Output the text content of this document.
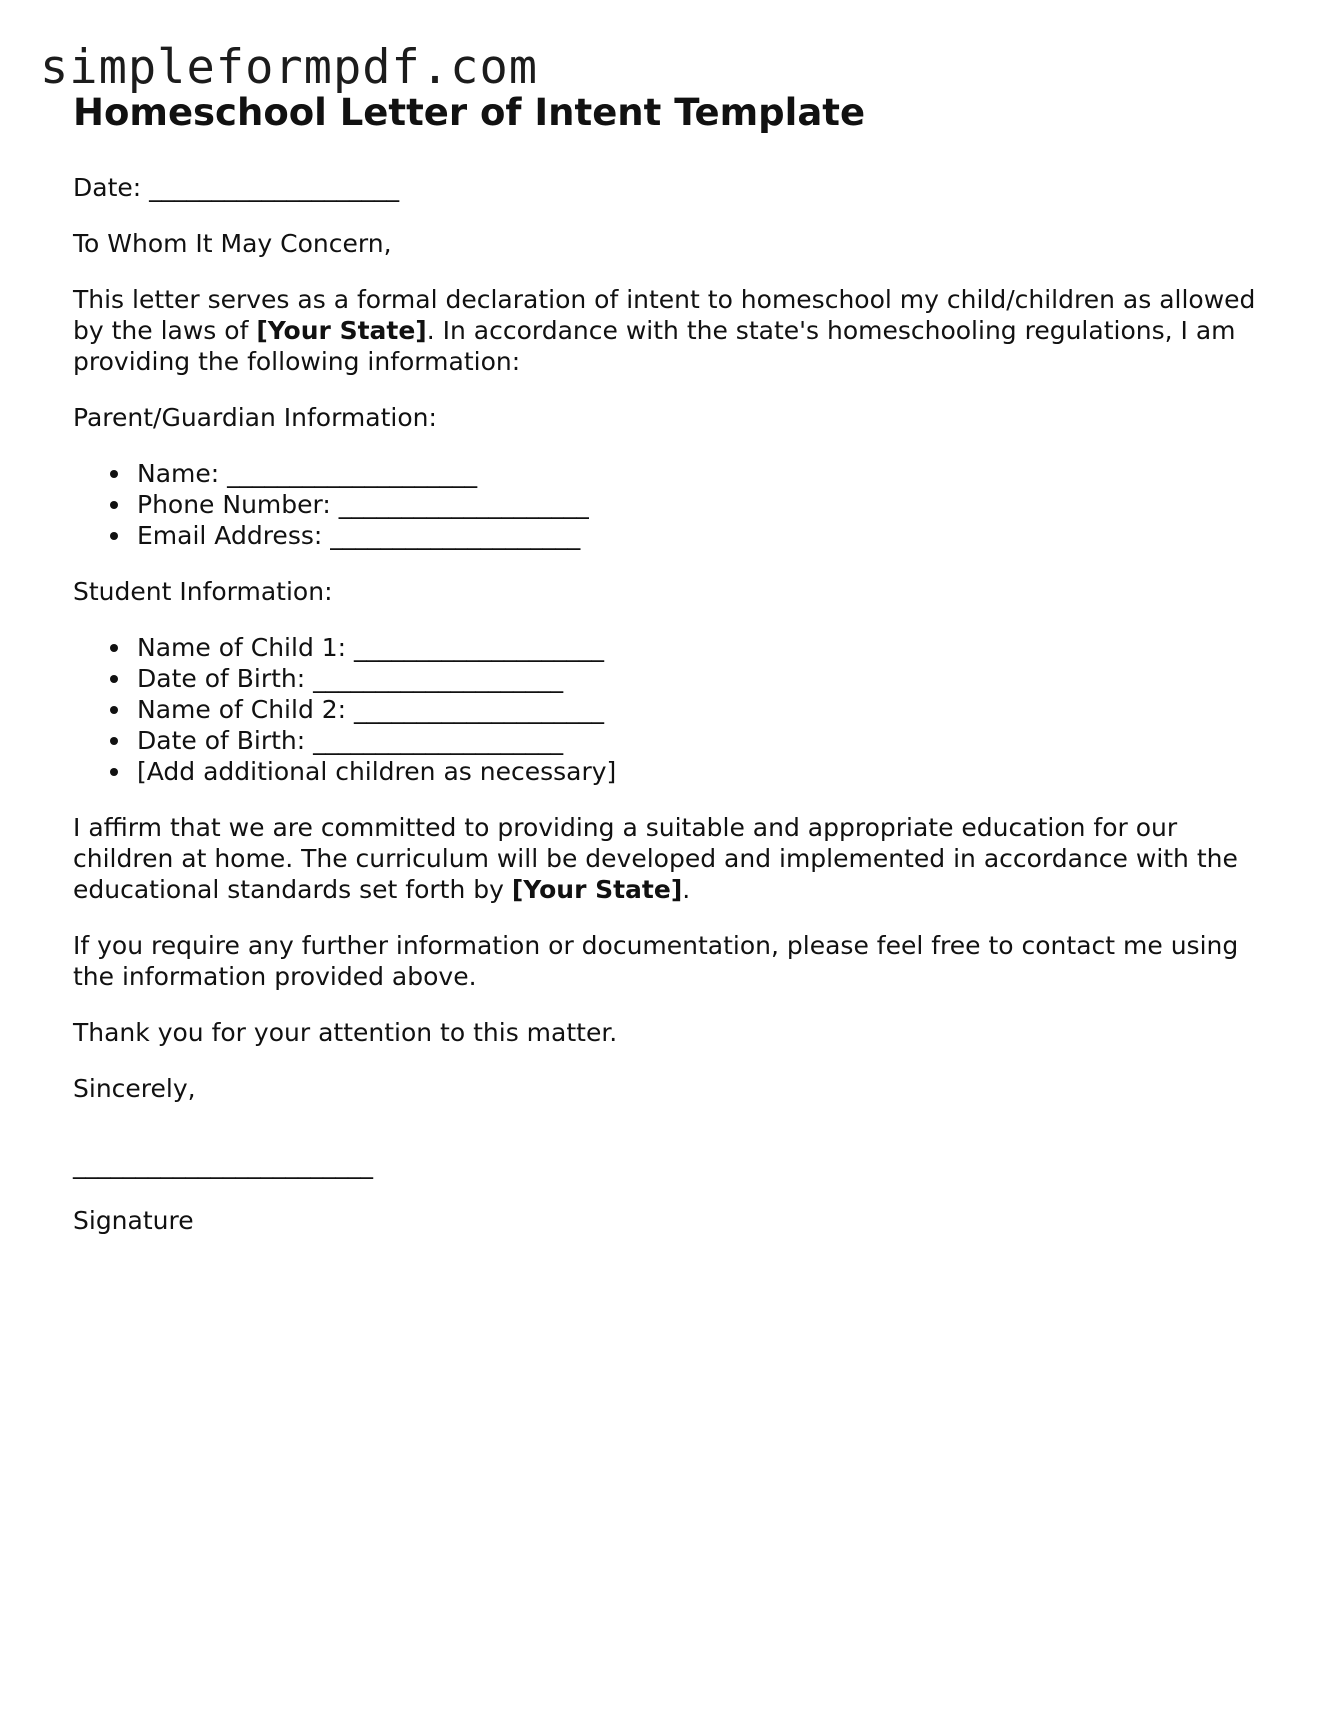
simpleformpdf.com
Homeschool Letter of Intent Template
Date: ____________________
To Whom It May Concern,
This letter serves as a formal declaration of intent to homeschool my child/children as allowed by the laws of [Your State]. In accordance with the state's homeschooling regulations, I am providing the following information:
Parent/Guardian Information:
Name: ____________________
Phone Number: ____________________
Email Address: ____________________
Student Information:
Name of Child 1: ____________________
Date of Birth: ____________________
Name of Child 2: ____________________
Date of Birth: ____________________
[Add additional children as necessary]
I affirm that we are committed to providing a suitable and appropriate education for our children at home. The curriculum will be developed and implemented in accordance with the educational standards set forth by [Your State].
If you require any further information or documentation, please feel free to contact me using the information provided above.
Thank you for your attention to this matter.
Sincerely,
________________________
Signature
